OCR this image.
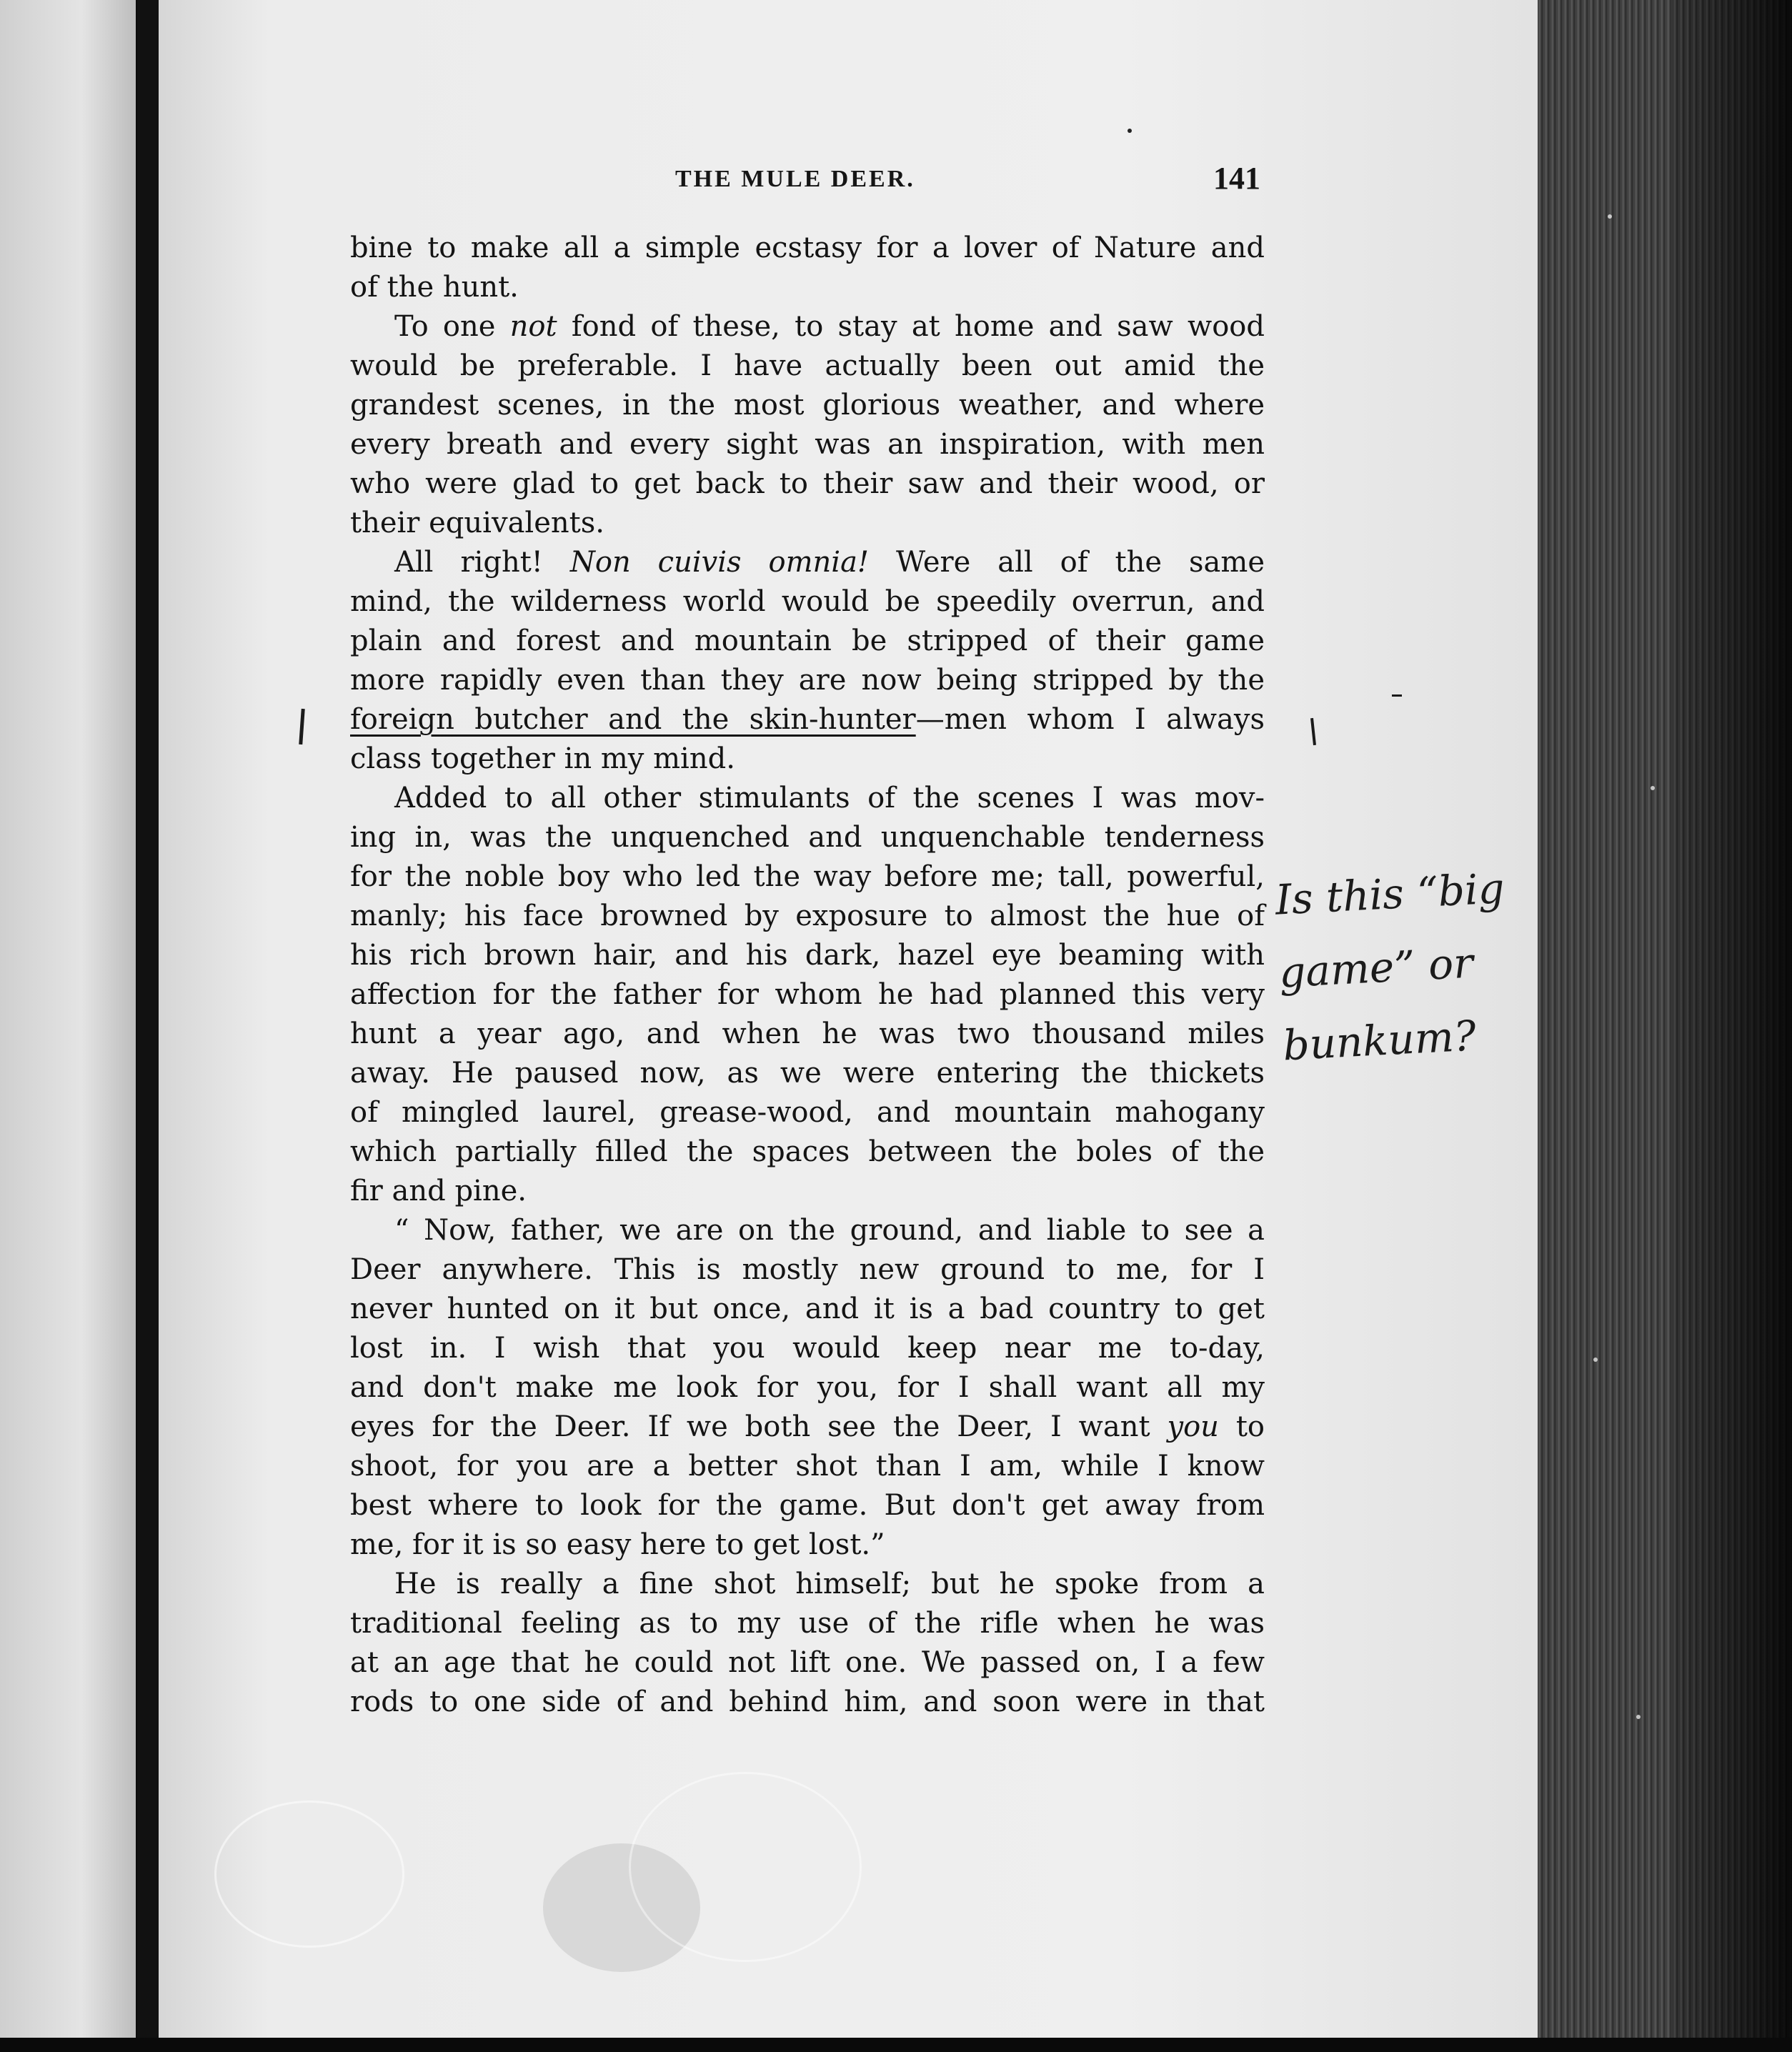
THE MULE DEER.	141
bine to make all a simple ecstasy for a lover of Nature and
of the hunt.
To one not fond of these, to stay at home and saw wood
would be preferable. I have actually been out amid the
grandest scenes, in the most glorious weather, and where
every breath and every sight was an inspiration, with men
who were glad to get back to their saw and their wood, or
their equivalents.
All right! Non cuivis omnia! Were all of the same
mind, the wilderness world would be speedily overrun, and
plain and forest and mountain be stripped of their game
more rapidly even than they are now being stripped by the
foreign butcher and the skin-hunter—men whom I always
class together in my mind.
Added to all other stimulants of the scenes I was mov-
ing in, was the unquenched and unquenchable tenderness
for the noble boy who led the way before me; tall, powerful,
manly; his face browned by exposure to almost the hue of
his rich brown hair, and his dark, hazel eye beaming with
affection for the father for whom he had planned this very
hunt a year ago, and when he was two thousand miles
away. He paused now, as we were entering the thickets
of mingled laurel, grease-wood, and mountain mahogany
which partially filled the spaces between the boles of the
fir and pine.
“ Now, father, we are on the ground, and liable to see a
Deer anywhere. This is mostly new ground to me, for I
never hunted on it but once, and it is a bad country to get
lost in. I wish that you would keep near me to-day,
and don't make me look for you, for I shall want all my
eyes for the Deer. If we both see the Deer, I want you to
shoot, for you are a better shot than I am, while I know
best where to look for the game. But don't get away from
me, for it is so easy here to get lost.”
He is really a fine shot himself; but he spoke from a
traditional feeling as to my use of the rifle when he was
at an age that he could not lift one. We passed on, I a few
rods to one side of and behind him, and soon were in that
Is this “big
game” or
bunkum?
